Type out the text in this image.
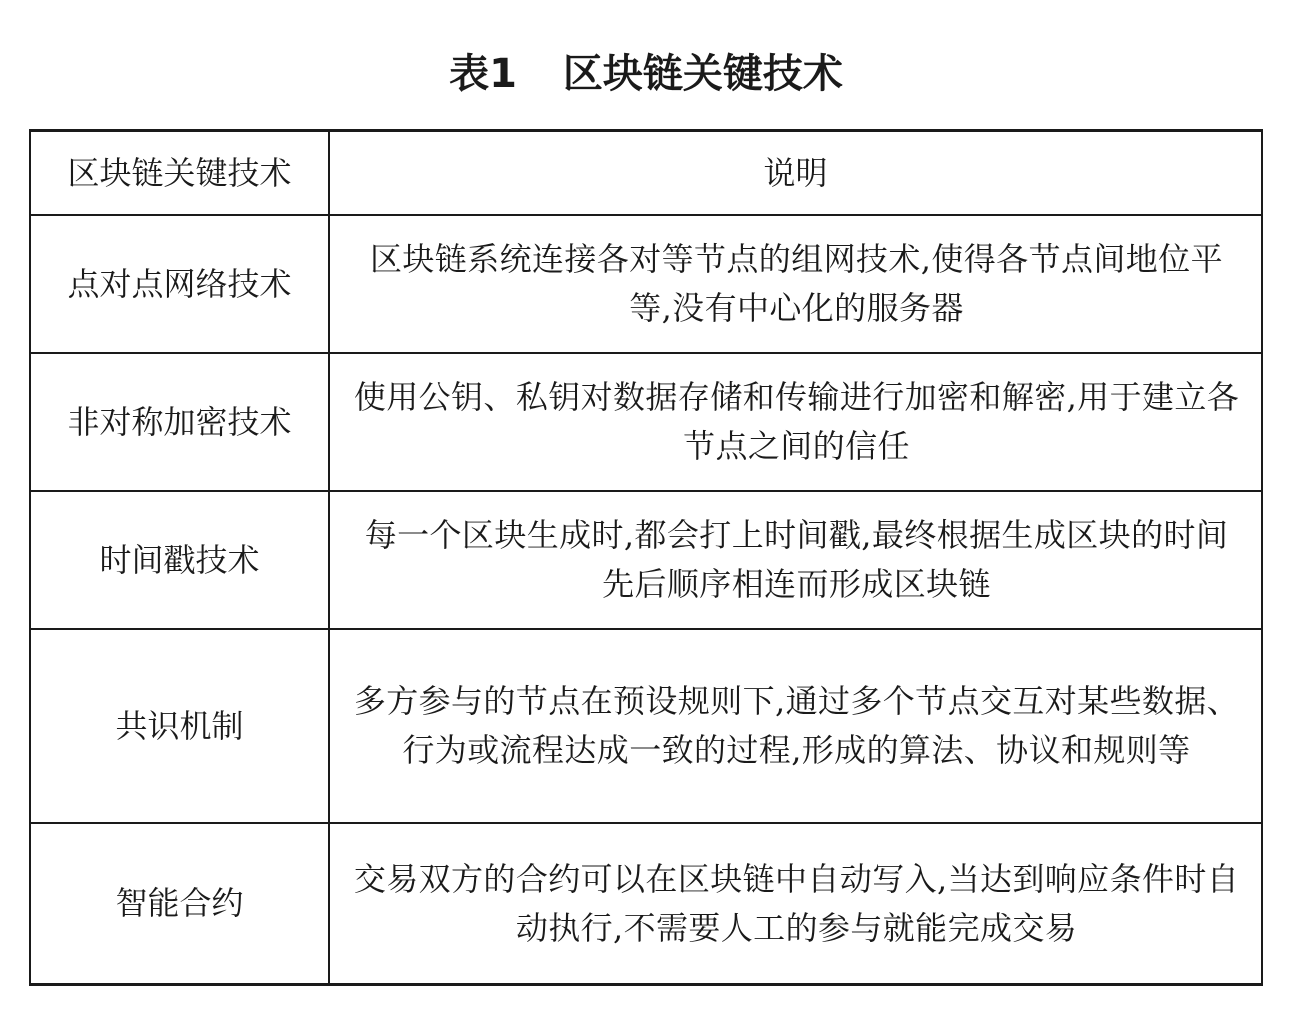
表1 区块链关键技术
区块链关键技术	说明
点对点网络技术	区块链系统连接各对等节点的组网技术,使得各节点间地位平等,没有中心化的服务器
非对称加密技术	使用公钥、私钥对数据存储和传输进行加密和解密,用于建立各节点之间的信任
时间戳技术	每一个区块生成时,都会打上时间戳,最终根据生成区块的时间先后顺序相连而形成区块链
共识机制	多方参与的节点在预设规则下,通过多个节点交互对某些数据、行为或流程达成一致的过程,形成的算法、协议和规则等
智能合约	交易双方的合约可以在区块链中自动写入,当达到响应条件时自动执行,不需要人工的参与就能完成交易
